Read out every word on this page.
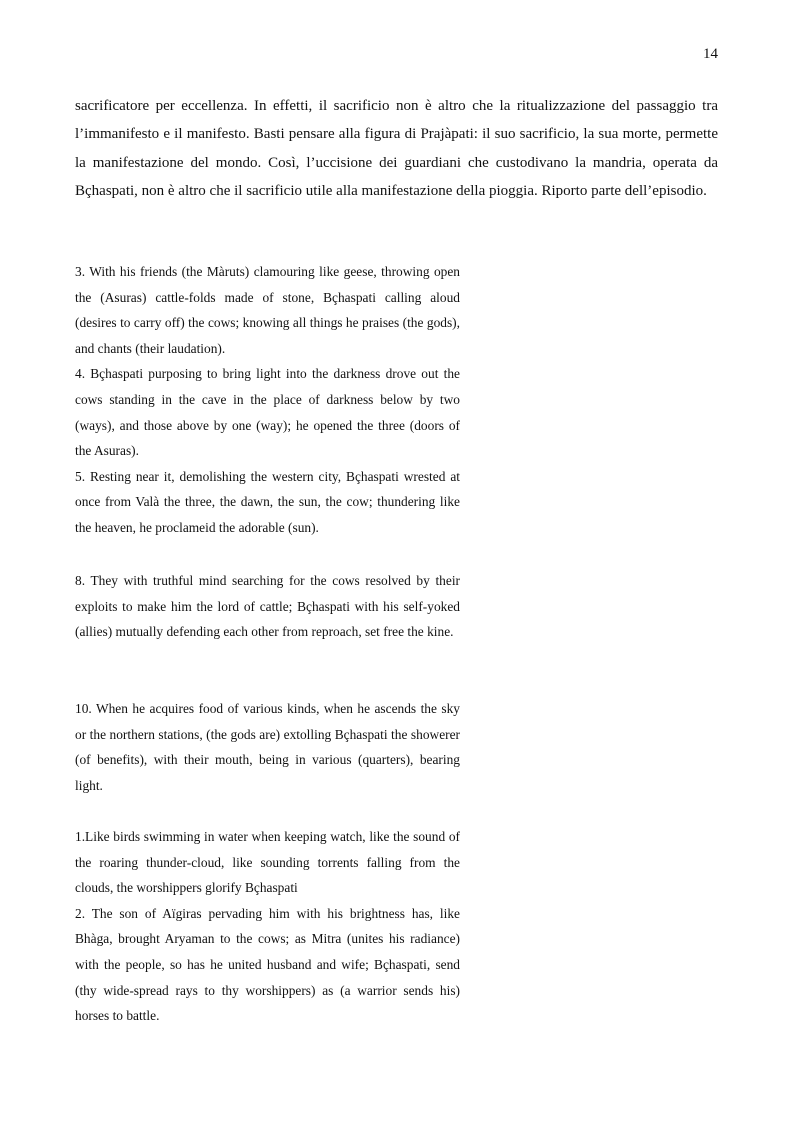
14

sacrificatore per eccellenza. In effetti, il sacrificio non è altro che la ritualizzazione del passaggio tra l’immanifesto e il manifesto. Basti pensare alla figura di Prajàpati: il suo sacrificio, la sua morte, permette la manifestazione del mondo. Così, l’uccisione dei guardiani che custodivano la mandria, operata da Bçhaspati, non è altro che il sacrificio utile alla manifestazione della pioggia. Riporto parte dell’episodio.

3. With his friends (the Màruts) clamouring like geese, throwing open the (Asuras) cattle-folds made of stone, Bçhaspati calling aloud (desires to carry off) the cows; knowing all things he praises (the gods), and chants (their laudation).

4. Bçhaspati purposing to bring light into the darkness drove out the cows standing in the cave in the place of darkness below by two (ways), and those above by one (way); he opened the three (doors of the Asuras).

5. Resting near it, demolishing the western city, Bçhaspati wrested at once from Valà the three, the dawn, the sun, the cow; thundering like the heaven, he proclameid the adorable (sun).

8. They with truthful mind searching for the cows resolved by their exploits to make him the lord of cattle; Bçhaspati with his self-yoked (allies) mutually defending each other from reproach, set free the kine.

10. When he acquires food of various kinds, when he ascends the sky or the northern stations, (the gods are) extolling Bçhaspati the showerer (of benefits), with their mouth, being in various (quarters), bearing light.

1.Like birds swimming in water when keeping watch, like the sound of the roaring thunder-cloud, like sounding torrents falling from the clouds, the worshippers glorify Bçhaspati

2. The son of Aïgiras pervading him with his brightness has, like Bhàga, brought Aryaman to the cows; as Mitra (unites his radiance) with the people, so has he united husband and wife; Bçhaspati, send (thy wide-spread rays to thy worshippers) as (a warrior sends his) horses to battle.
